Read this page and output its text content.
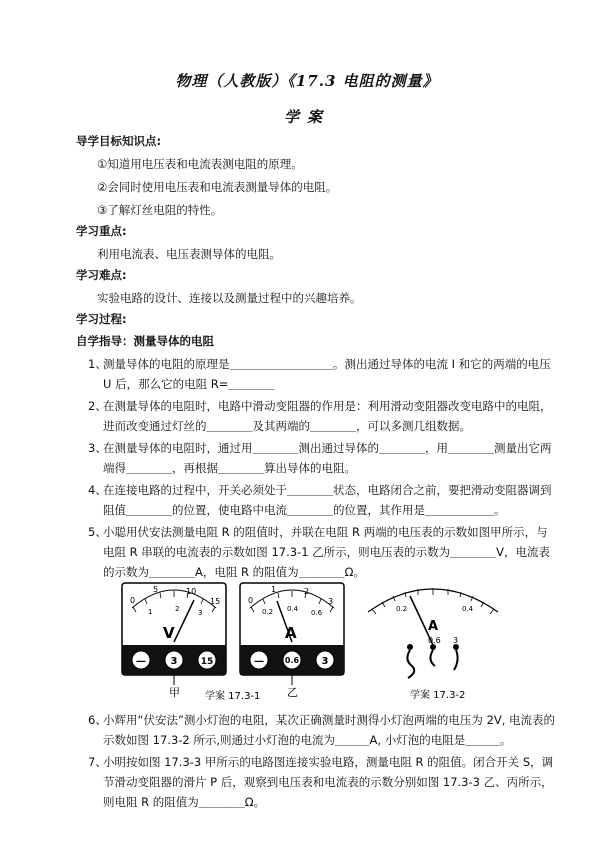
物理（人教版）《17.3 电阻的测量》
学案
导学目标知识点:
①知道用电压表和电流表测电阻的原理。
②会同时使用电压表和电流表测量导体的电阻。
③了解灯丝电阻的特性。
学习重点:
利用电流表、电压表测导体的电阻。
学习难点:
实验电路的设计、连接以及测量过程中的兴趣培养。
学习过程:
自学指导：测量导体的电阻
1、
测量导体的电阻的原理是＿＿＿＿＿＿＿＿＿。测出通过导体的电流 I 和它的两端的电压 U 后，那么它的电阻 R=＿＿＿＿
2、
在测量导体的电阻时，电路中滑动变阻器的作用是：利用滑动变阻器改变电路中的电阻，进而改变通过灯丝的＿＿＿＿及其两端的＿＿＿＿，可以多测几组数据。
3、
在测量导体的电阻时，通过用＿＿＿＿测出通过导体的＿＿＿＿，用＿＿＿＿测量出它两端得＿＿＿＿，再根据＿＿＿＿算出导体的电阻。
4、
在连接电路的过程中，开关必须处于＿＿＿＿状态，电路闭合之前，要把滑动变阻器调到阻值＿＿＿＿的位置，使电路中电流＿＿＿＿的位置，其作用是＿＿＿＿＿＿。
5、
小聪用伏安法测量电阻 R 的阻值时，并联在电阻 R 两端的电压表的示数如图甲所示，与电阻 R 串联的电流表的示数如图 17.3-1 乙所示，则电压表的示数为＿＿＿＿V，电流表的示数为＿＿＿＿A，电阻 R 的阻值为＿＿＿＿Ω。
0
5	10
15
1	2	3
V
— 3	15
甲
0
1	2
3
0.2 0.4 0.6
A
—	0.6 3
乙
学案 17.3-1
0.2	0.4
A
0.6 3
学案 17.3-2
6、
小辉用“伏安法”测小灯泡的电阻，某次正确测量时测得小灯泡两端的电压为 2V, 电流表的示数如图 17.3-2 所示,则通过小灯泡的电流为＿＿＿A, 小灯泡的电阻是＿＿＿。
7、
小明按如图 17.3-3 甲所示的电路图连接实验电路，测量电阻 R 的阻值。闭合开关 S，调节滑动变阻器的滑片 P 后，观察到电压表和电流表的示数分别如图 17.3-3 乙、丙所示，则电阻 R 的阻值为＿＿＿＿Ω。
